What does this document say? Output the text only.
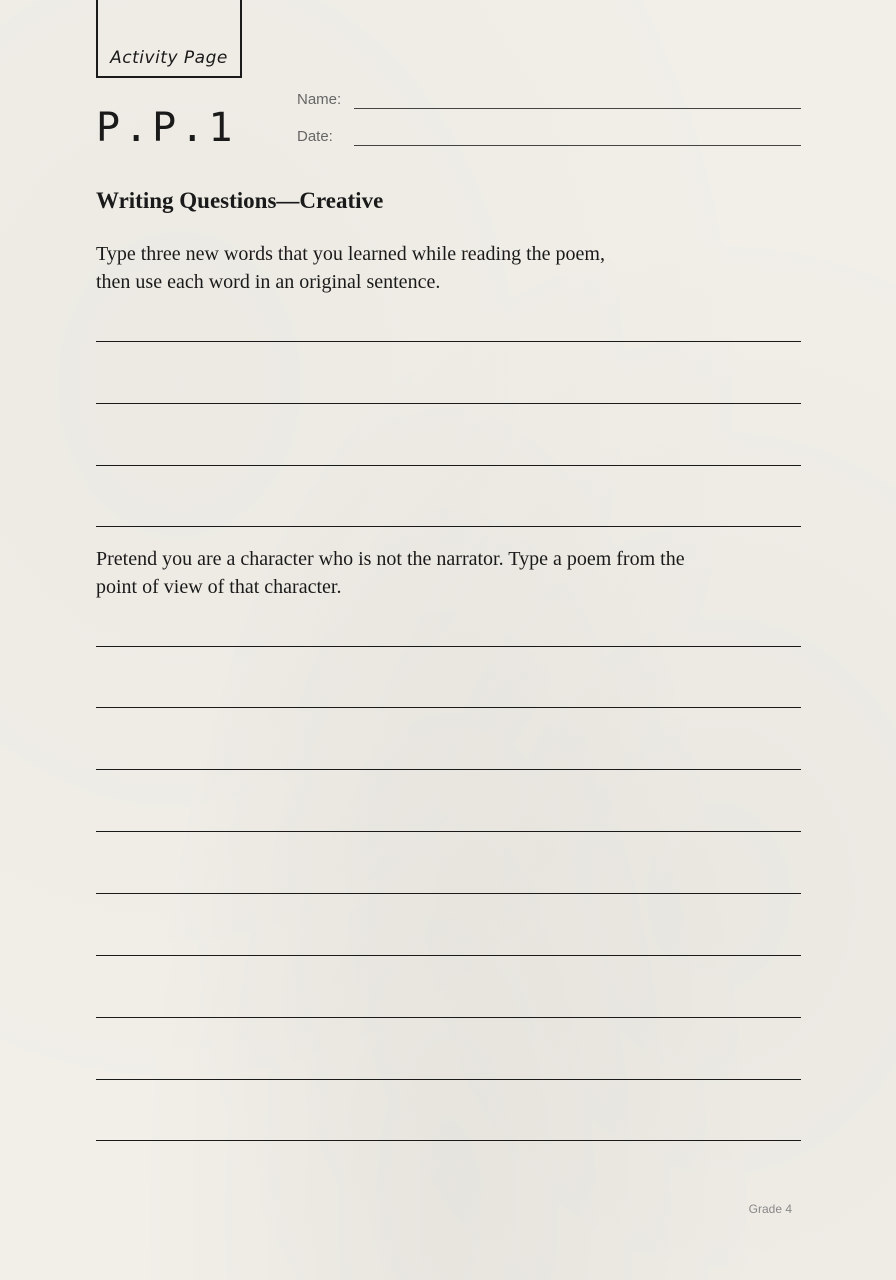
Activity Page
P.P.1
Name:
Date:
Writing Questions—Creative
Type three new words that you learned while reading the poem,
then use each word in an original sentence.
Pretend you are a character who is not the narrator. Type a poem from the
point of view of that character.
Grade 4
